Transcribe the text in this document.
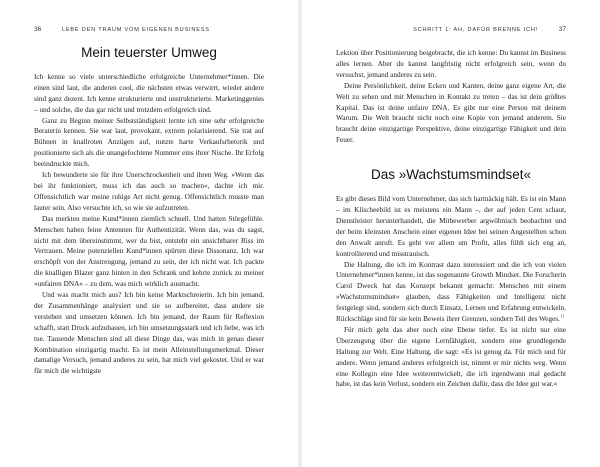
36	LEBE DEN TRAUM VOM EIGENEN BUSINESS
Mein teuerster Umweg

Ich kenne so viele unterschiedliche erfolgreiche Unternehmer*innen. Die einen sind laut, die anderen cool, die nächsten etwas verwirrt, wieder andere sind ganz dezent. Ich kenne strukturierte und unstrukturierte. Marketinggenies – und solche, die das gar nicht und trotzdem erfolgreich sind.

Ganz zu Beginn meiner Selbstständigkeit lernte ich eine sehr erfolgreiche Beraterin kennen. Sie war laut, provokant, extrem polarisierend. Sie trat auf Bühnen in knallroten Anzügen auf, nutzte harte Verkaufsrhetorik und positionierte sich als die unangefochtene Nummer eins ihrer Nische. Ihr Erfolg beeindruckte mich.

Ich bewunderte sie für ihre Unerschrockenheit und ihren Weg. »Wenn das bei ihr funktioniert, muss ich das auch so machen«, dachte ich mir. Offensichtlich war meine ruhige Art nicht genug. Offensichtlich musste man lauter sein. Also versuchte ich, so wie sie aufzutreten.

Das merkten meine Kund*innen ziemlich schnell. Und hatten Störgefühle. Menschen haben feine Antennen für Authentizität. Wenn das, was du sagst, nicht mit dem übereinstimmt, wer du bist, entsteht ein unsichtbarer Riss im Vertrauen. Meine potenziellen Kund*innen spürten diese Dissonanz. Ich war erschöpft von der Anstrengung, jemand zu sein, der ich nicht war. Ich packte die knalligen Blazer ganz hinten in den Schrank und kehrte zurück zu meiner »unfairen DNA« – zu dem, was mich wirklich ausmacht.

Und was macht mich aus? Ich bin keine Marktschreierin. Ich bin jemand, der Zusammenhänge analysiert und sie so aufbereitet, dass andere sie verstehen und umsetzen können. Ich bin jemand, der Raum für Reflexion schafft, statt Druck aufzubauen, ich bin umsetzungsstark und ich liebe, was ich tue. Tausende Menschen sind all diese Dinge das, was mich in genau dieser Kombination einzigartig macht. Es ist mein Alleinstellungsmerkmal. Dieser damalige Versuch, jemand anderes zu sein, hat mich viel gekostet. Und er war für mich die wichtigste

SCHRITT 1: AH, DAFÜR BRENNE ICH!	37

Lektion über Positionierung beigebracht, die ich kenne: Du kannst im Business alles lernen. Aber du kannst langfristig nicht erfolgreich sein, wenn du versuchst, jemand anderes zu sein.

Deine Persönlichkeit, deine Ecken und Kanten, deine ganz eigene Art, die Welt zu sehen und mit Menschen in Kontakt zu treten – das ist dein größtes Kapital. Das ist deine unfaire DNA. Es gibt nur eine Person mit deinem Warum. Die Welt braucht nicht noch eine Kopie von jemand anderem. Sie braucht deine einzigartige Perspektive, deine einzigartige Fähigkeit und dein Feuer.

Das »Wachstumsmindset«

Es gibt dieses Bild vom Unternehmer, das sich hartnäckig hält. Es ist ein Mann – im Klischeebild ist es meistens ein Mann –, der auf jeden Cent schaut, Dienstleister herunterhandelt, die Mitbewerber argwöhnisch beobachtet und der beim kleinsten Anschein einer eigenen Idee bei seinen Angestellten schon den Anwalt anruft. Es geht vor allem um Profit, alles fühlt sich eng an, kontrollierend und misstrauisch.

Die Haltung, die ich im Kontrast dazu interessiert und die ich von vielen Unternehmer*innen kenne, ist das sogenannte Growth Mindset. Die Forscherin Carol Dweck hat das Konzept bekannt gemacht: Menschen mit einem »Wachstumsmindset« glauben, dass Fähigkeiten und Intelligenz nicht festgelegt sind, sondern sich durch Einsatz, Lernen und Erfahrung entwickeln. Rückschläge sind für sie kein Beweis ihrer Grenzen, sondern Teil des Weges.$^{11}$

Für mich geht das aber noch eine Ebene tiefer. Es ist nicht nur eine Überzeugung über die eigene Lernfähigkeit, sondern eine grundlegende Haltung zur Welt. Eine Haltung, die sagt: »Es ist genug da. Für mich und für andere. Wenn jemand anderes erfolgreich ist, nimmt er mir nichts weg. Wenn eine Kollegin eine Idee weiterentwickelt, die ich irgendwann mal gedacht habe, ist das kein Verlust, sondern ein Zeichen dafür, dass die Idee gut war.«
